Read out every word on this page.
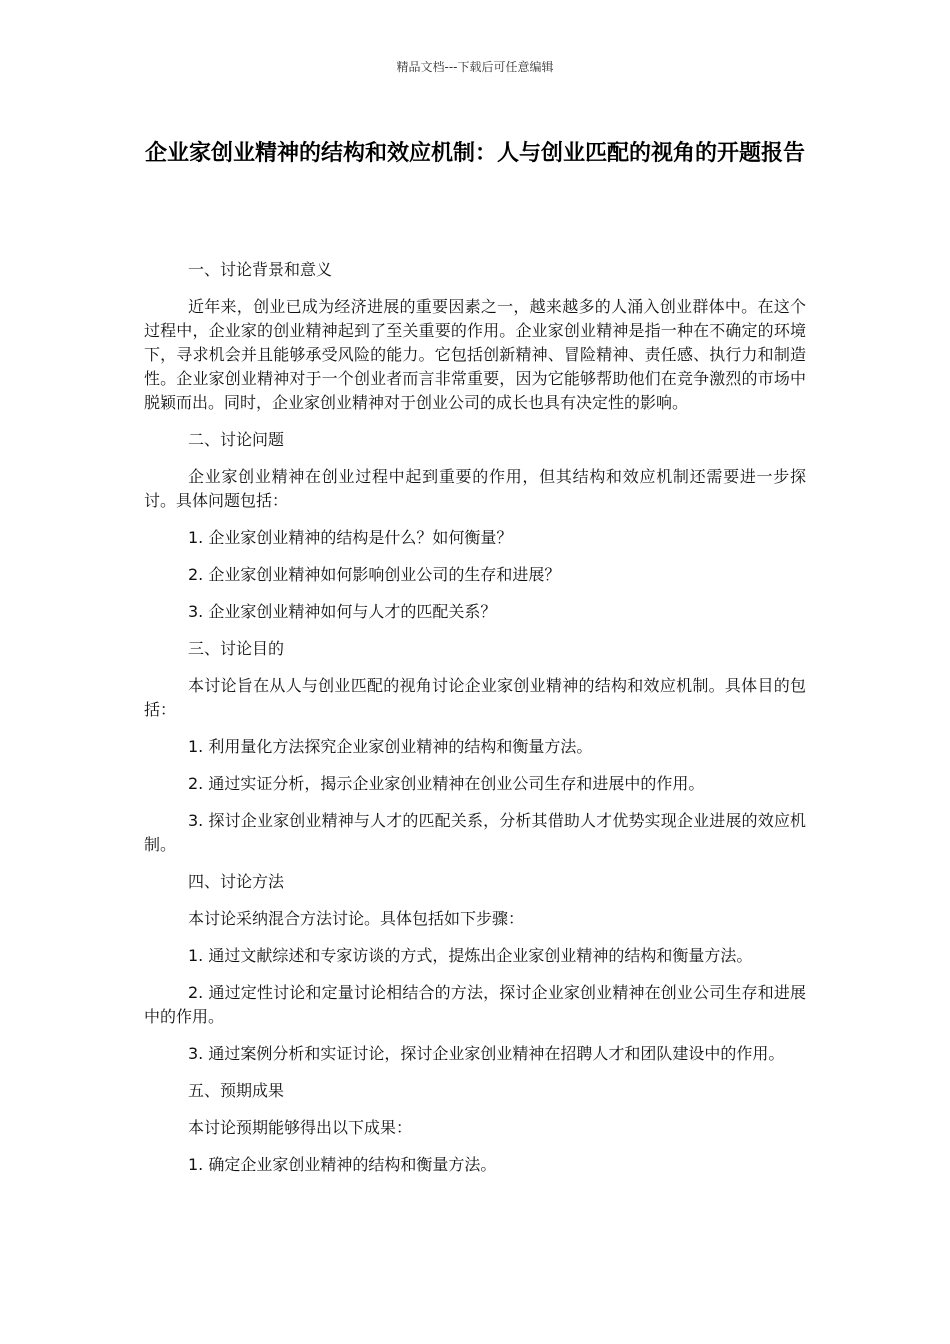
精品文档---下载后可任意编辑
企业家创业精神的结构和效应机制：人与创业匹配的视角的开题报告

一、讨论背景和意义

近年来，创业已成为经济进展的重要因素之一，越来越多的人涌入创业群体中。在这个过程中，企业家的创业精神起到了至关重要的作用。企业家创业精神是指一种在不确定的环境下，寻求机会并且能够承受风险的能力。它包括创新精神、冒险精神、责任感、执行力和制造性。企业家创业精神对于一个创业者而言非常重要，因为它能够帮助他们在竞争激烈的市场中脱颖而出。同时，企业家创业精神对于创业公司的成长也具有决定性的影响。

二、讨论问题

企业家创业精神在创业过程中起到重要的作用，但其结构和效应机制还需要进一步探讨。具体问题包括：

1. 企业家创业精神的结构是什么？如何衡量？

2. 企业家创业精神如何影响创业公司的生存和进展？

3. 企业家创业精神如何与人才的匹配关系？

三、讨论目的

本讨论旨在从人与创业匹配的视角讨论企业家创业精神的结构和效应机制。具体目的包括：

1. 利用量化方法探究企业家创业精神的结构和衡量方法。

2. 通过实证分析，揭示企业家创业精神在创业公司生存和进展中的作用。

3. 探讨企业家创业精神与人才的匹配关系，分析其借助人才优势实现企业进展的效应机制。

四、讨论方法

本讨论采纳混合方法讨论。具体包括如下步骤：

1. 通过文献综述和专家访谈的方式，提炼出企业家创业精神的结构和衡量方法。

2. 通过定性讨论和定量讨论相结合的方法，探讨企业家创业精神在创业公司生存和进展中的作用。

3. 通过案例分析和实证讨论，探讨企业家创业精神在招聘人才和团队建设中的作用。

五、预期成果

本讨论预期能够得出以下成果：

1. 确定企业家创业精神的结构和衡量方法。
